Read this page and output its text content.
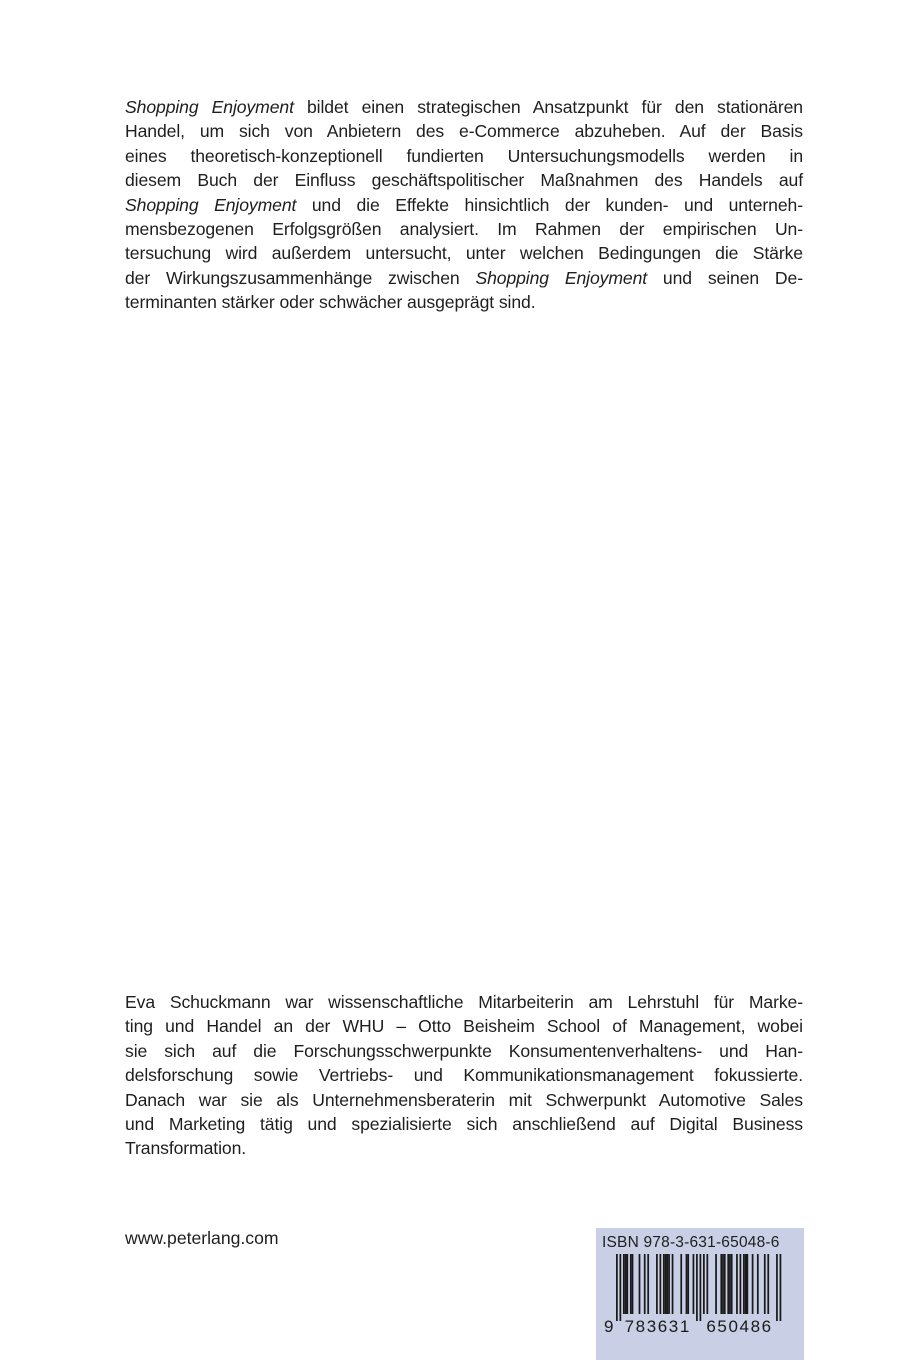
Shopping Enjoyment bildet einen strategischen Ansatzpunkt für den stationären
Handel, um sich von Anbietern des e-Commerce abzuheben. Auf der Basis
eines theoretisch-konzeptionell fundierten Untersuchungsmodells werden in
diesem Buch der Einfluss geschäftspolitischer Maßnahmen des Handels auf
Shopping Enjoyment und die Effekte hinsichtlich der kunden- und unterneh-
mensbezogenen Erfolgsgrößen analysiert. Im Rahmen der empirischen Un-
tersuchung wird außerdem untersucht, unter welchen Bedingungen die Stärke
der Wirkungszusammenhänge zwischen Shopping Enjoyment und seinen De-
terminanten stärker oder schwächer ausgeprägt sind.
Eva Schuckmann war wissenschaftliche Mitarbeiterin am Lehrstuhl für Marke-
ting und Handel an der WHU – Otto Beisheim School of Management, wobei
sie sich auf die Forschungsschwerpunkte Konsumentenverhaltens- und Han-
delsforschung sowie Vertriebs- und Kommunikationsmanagement fokussierte.
Danach war sie als Unternehmensberaterin mit Schwerpunkt Automotive Sales
und Marketing tätig und spezialisierte sich anschließend auf Digital Business
Transformation.

www.peterlang.com	ISBN 978-3-631-65048-6
9 783631 650486
